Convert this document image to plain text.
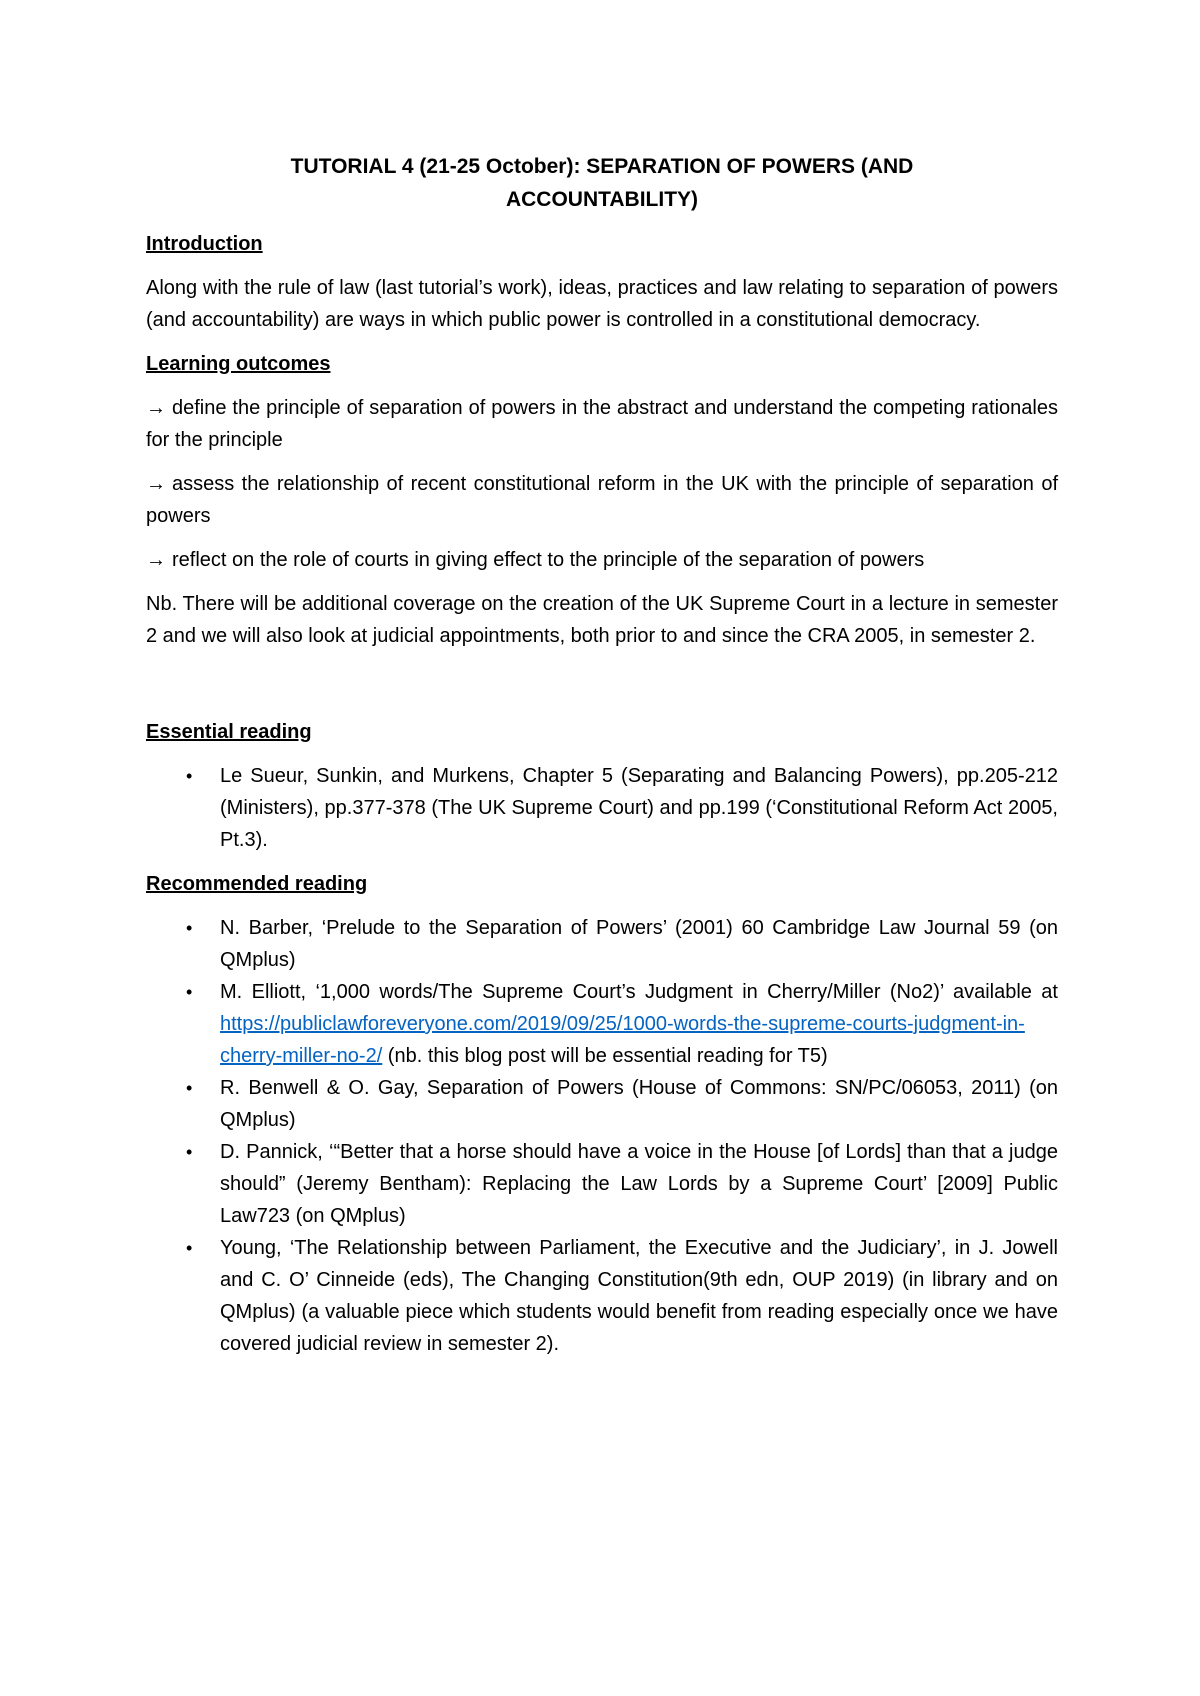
TUTORIAL 4 (21-25 October): SEPARATION OF POWERS (AND
ACCOUNTABILITY)
Introduction

Along with the rule of law (last tutorial’s work), ideas, practices and law relating to separation of powers (and accountability) are ways in which public power is controlled in a constitutional democracy.

Learning outcomes

→ define the principle of separation of powers in the abstract and understand the competing rationales for the principle

→ assess the relationship of recent constitutional reform in the UK with the principle of separation of powers

→ reflect on the role of courts in giving effect to the principle of the separation of powers

Nb. There will be additional coverage on the creation of the UK Supreme Court in a lecture in semester 2 and we will also look at judicial appointments, both prior to and since the CRA 2005, in semester 2.

Essential reading
• Le Sueur, Sunkin, and Murkens, Chapter 5 (Separating and Balancing Powers), pp.205-212 (Ministers), pp.377-378 (The UK Supreme Court) and pp.199 (‘Constitutional Reform Act 2005, Pt.3).
Recommended reading
• N. Barber, ‘Prelude to the Separation of Powers’ (2001) 60 Cambridge Law Journal 59 (on QMplus)
• M. Elliott, ‘1,000 words/The Supreme Court’s Judgment in Cherry/Miller (No2)’ available at https://publiclawforeveryone.com/2019/09/25/1000-words-the-supreme-courts-judgment-in-cherry-miller-no-2/ (nb. this blog post will be essential reading for T5)
• R. Benwell & O. Gay, Separation of Powers (House of Commons: SN/PC/06053, 2011) (on QMplus)
• D. Pannick, ‘“Better that a horse should have a voice in the House [of Lords] than that a judge should” (Jeremy Bentham): Replacing the Law Lords by a Supreme Court’ [2009] Public Law723 (on QMplus)
• Young, ‘The Relationship between Parliament, the Executive and the Judiciary’, in J. Jowell and C. O’ Cinneide (eds), The Changing Constitution(9th edn, OUP 2019) (in library and on QMplus) (a valuable piece which students would benefit from reading especially once we have covered judicial review in semester 2).
